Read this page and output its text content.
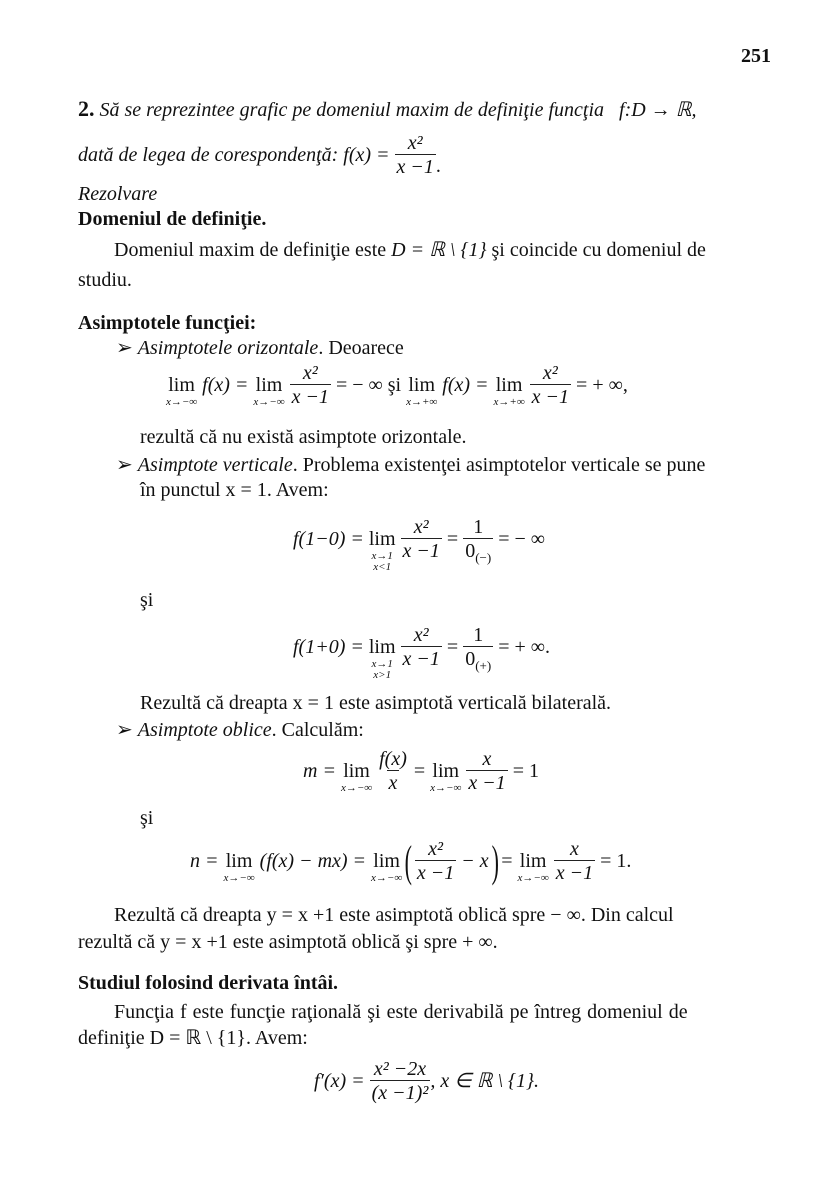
251
2. Să se reprezintee grafic pe domeniul maxim de definiţie funcţia f:D → ℝ,
dată de legea de corespondenţă: $f(x) = \frac{\text{x²}}{x -1}$ .
Rezolvare
Domeniul de definiţie.
Domeniul maxim de definiţie este D = ℝ \ {1} şi coincide cu domeniul de
studiu.
Asimptotele funcţiei:
➢ Asimptotele orizontale. Deoarece
lim
x→−∞
f(x) = lim
$x\to-\infty \frac{\text{x²}}{x -1}$ = − ∞ şi lim
x→+∞
f(x) = lim
$x\to+\infty \frac{\text{x²}}{x -1}$ = + ∞,
rezultă că nu există asimptote orizontale.
➢ Asimptote verticale. Problema existenţei asimptotelor verticale se pune
în punctul x = 1. Avem:
f(1−0) = lim
x→1
x<1
$\frac{\text{x²}}{x -1} = \frac{1}{0_{(-)}}$ = − ∞
şi
f(1+0) = lim
x→1
x>1
$\frac{\text{x²}}{x -1} = \frac{1}{0_{(+)}}$ = + ∞.
Rezultă că dreapta x = 1 este asimptotă verticală bilaterală.
➢ Asimptote oblice. Calculăm:
m = lim
$x\to-\infty \frac{f(x)}{x} = \lim$
$x\to-\infty \frac{x}{x -1} = 1$
şi
n = lim
x→−∞
(f(x) − mx) = lim
x→−∞ ( $\frac{\text{x²}}{x -1} - x$ ) = lim
$x\to-\infty \frac{x}{x -1} = 1$.
Rezultă că dreapta y = x +1 este asimptotă oblică spre − ∞. Din calcul
rezultă că y = x +1 este asimptotă oblică şi spre + ∞.
Studiul folosind derivata întâi.
Funcţia f este funcţie raţională şi este derivabilă pe întreg domeniul de
definiţie D = ℝ \ {1}. Avem:
$f'(x) = \frac{\text{x² −2x}}{\text{(x −1)²}}$ , x ∈ ℝ \ {1}.
